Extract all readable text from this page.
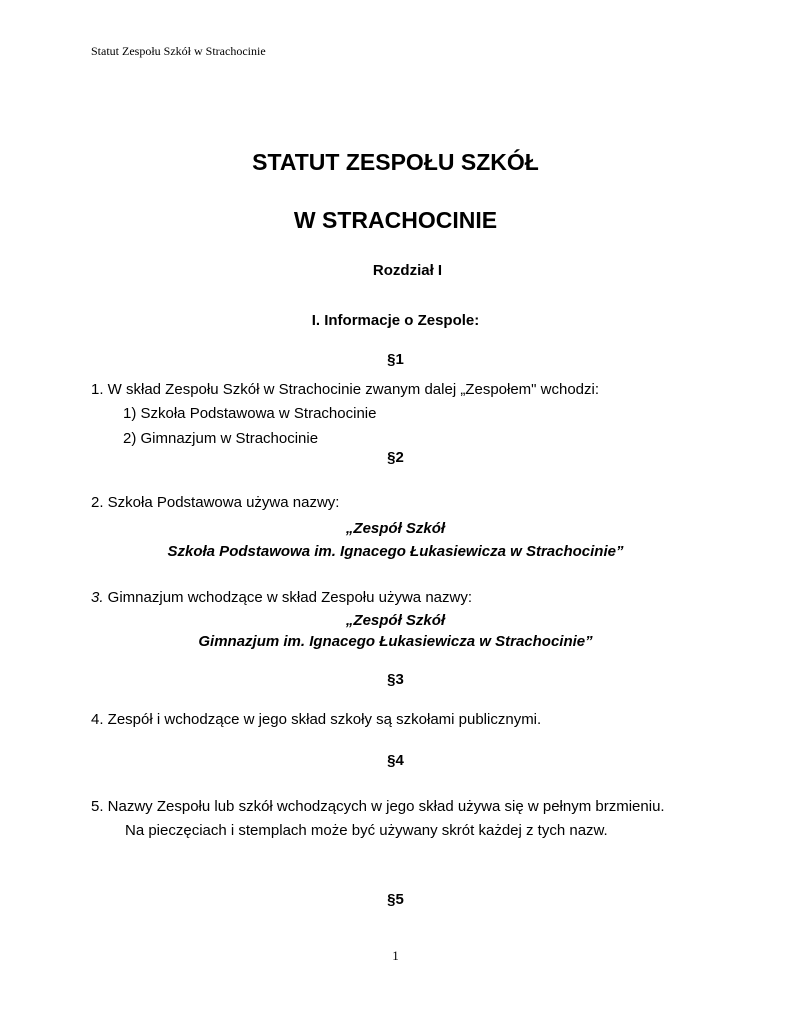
Statut Zespołu Szkół w Strachocinie
STATUT ZESPOŁU SZKÓŁ
W STRACHOCINIE
Rozdział I
I. Informacje o Zespole:
§1
1. W skład Zespołu Szkół w Strachocinie zwanym dalej „Zespołem" wchodzi:
1) Szkoła Podstawowa w Strachocinie
2) Gimnazjum w Strachocinie
§2
2. Szkoła Podstawowa używa nazwy:
„Zespół Szkół
Szkoła Podstawowa im. Ignacego Łukasiewicza w Strachocinie”
3. Gimnazjum wchodzące w skład Zespołu używa nazwy:
„Zespół Szkół
Gimnazjum im. Ignacego Łukasiewicza w Strachocinie”
§3
4. Zespół i wchodzące w jego skład szkoły są szkołami publicznymi.
§4
5. Nazwy Zespołu lub szkół wchodzących w jego skład używa się w pełnym brzmieniu.
Na pieczęciach i stemplach może być używany skrót każdej z tych nazw.
§5
1
